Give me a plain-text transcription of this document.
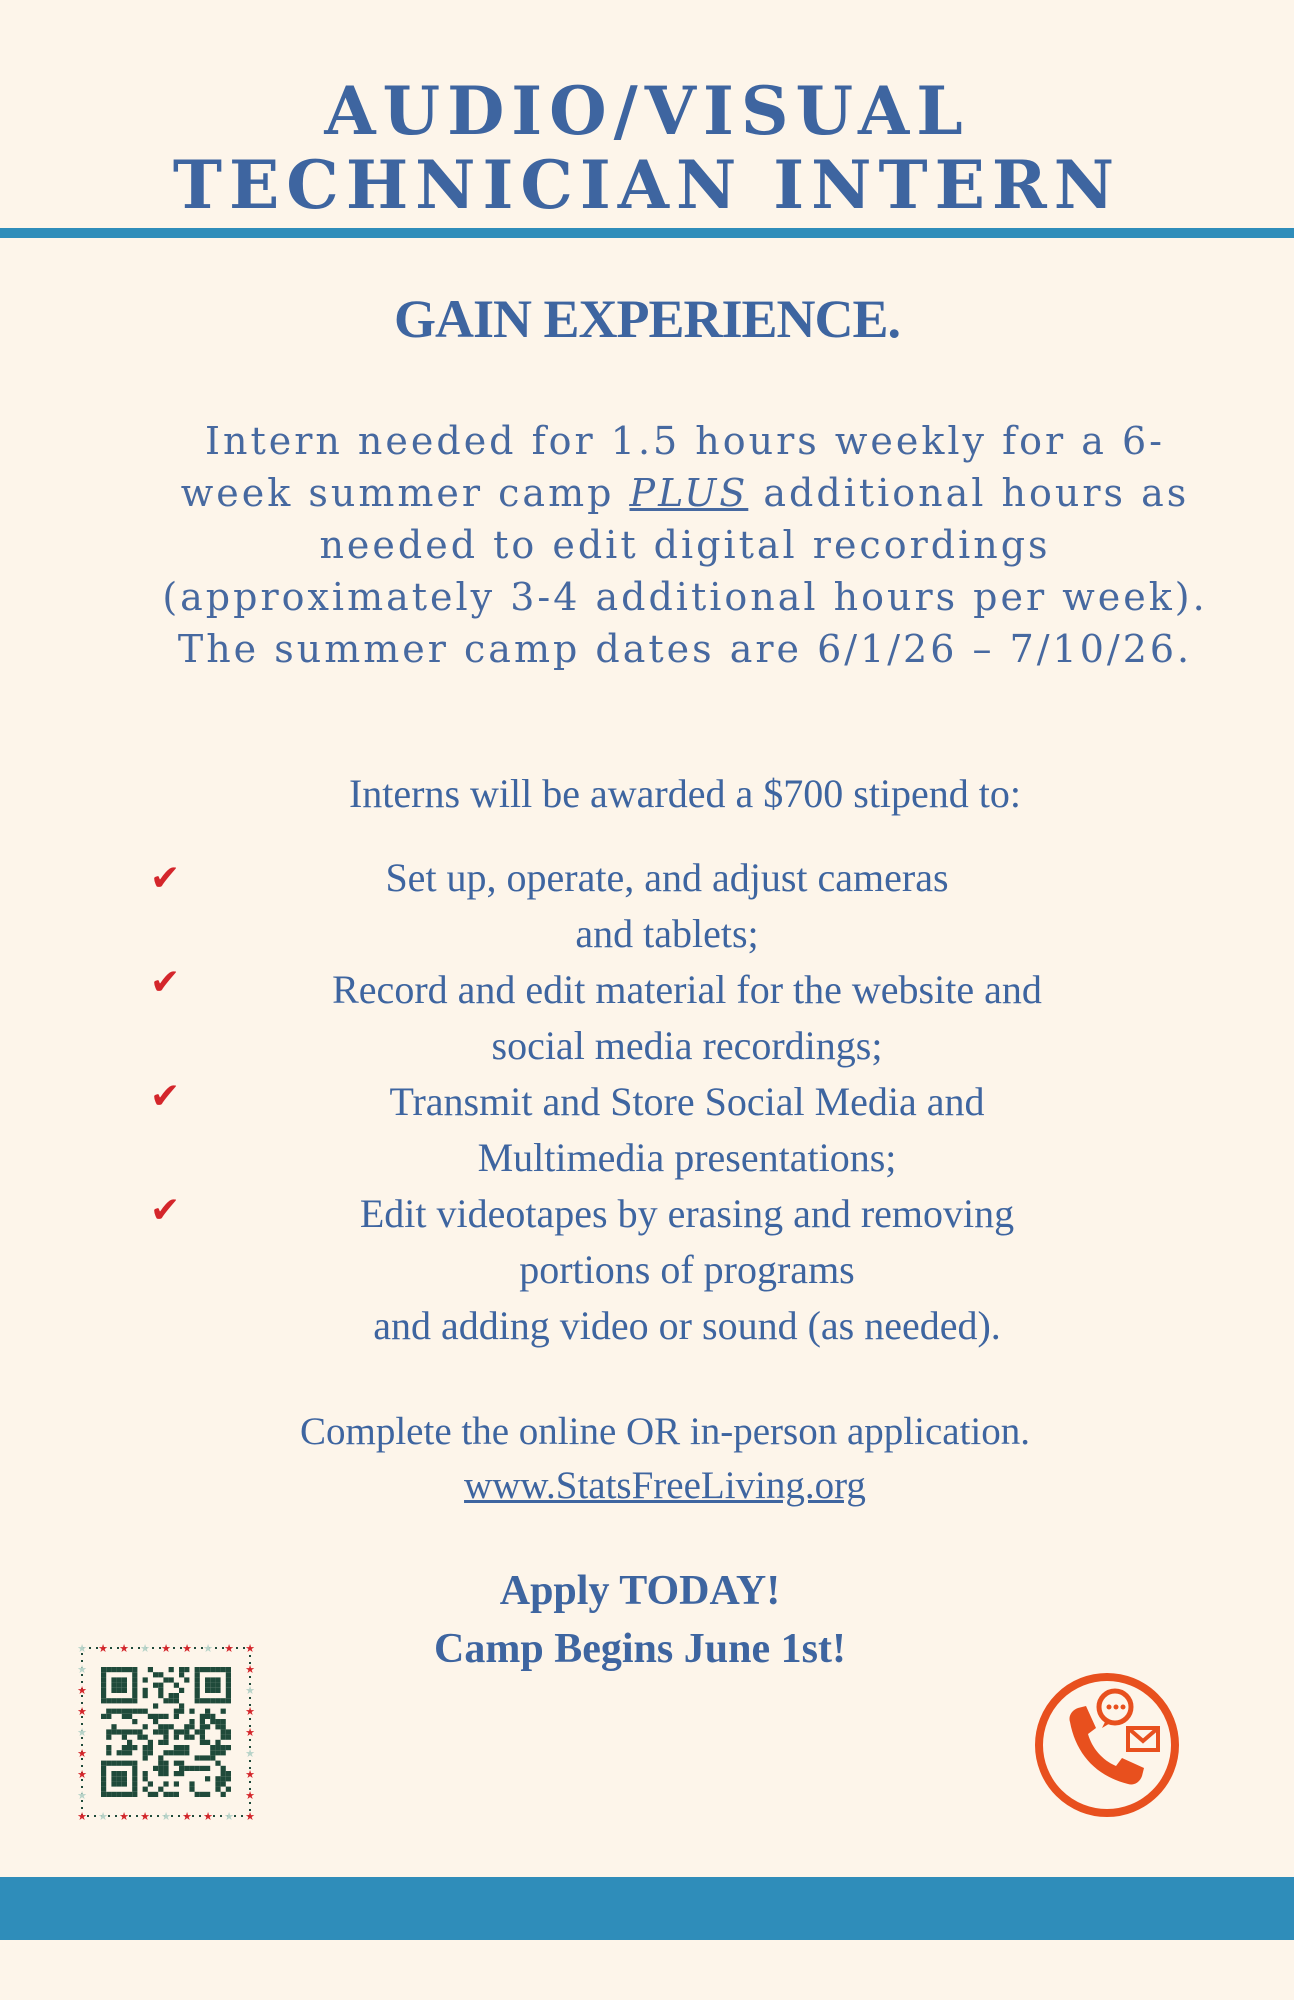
AUDIO/VISUAL
TECHNICIAN INTERN
GAIN EXPERIENCE.
Intern needed for 1.5 hours weekly for a 6-
week summer camp PLUS additional hours as
needed to edit digital recordings
(approximately 3-4 additional hours per week).
The summer camp dates are 6/1/26 – 7/10/26.
Interns will be awarded a $700 stipend to:
✔	Set up, operate, and adjust cameras
and tablets;
✔	Record and edit material for the website and
social media recordings;
✔	Transmit and Store Social Media and
Multimedia presentations;
✔	Edit videotapes by erasing and removing
portions of programs
and adding video or sound (as needed).
Complete the online OR in-person application.
www.StatsFreeLiving.org
Apply TODAY!
Camp Begins June 1st!
★
★
★
★
★
★
★
★
★
★
★
★
★
★
★
★
★
★
★	★
★	★
★	★
★	★
★	★
★	★
★	★
